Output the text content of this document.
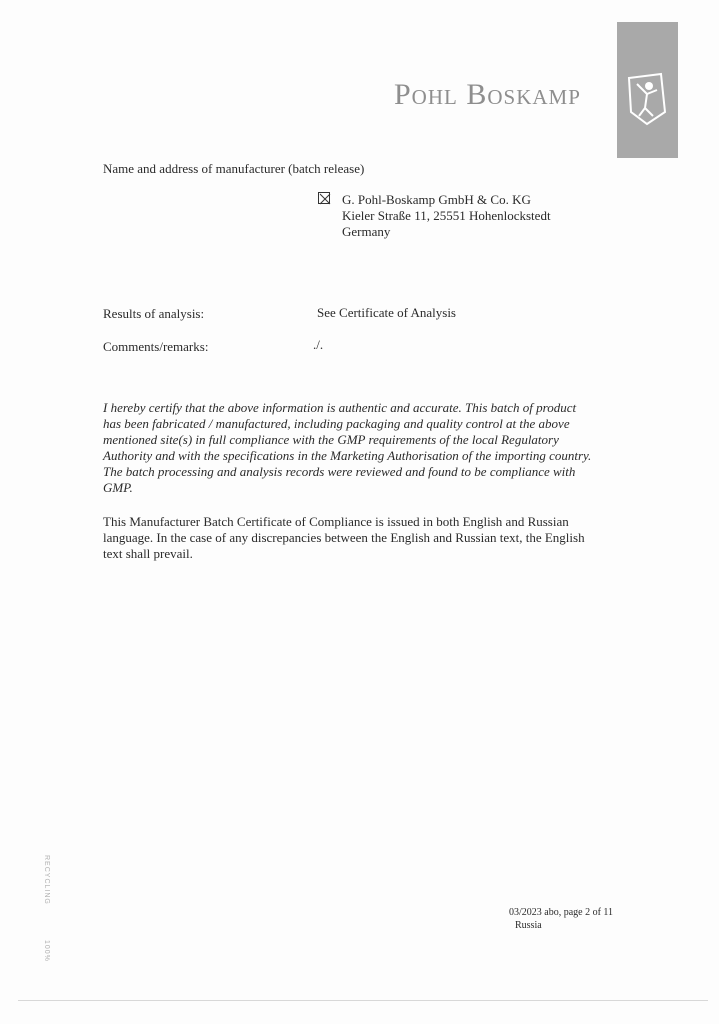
Pohl Boskamp
Name and address of manufacturer (batch release)
G. Pohl-Boskamp GmbH & Co. KG
Kieler Straße 11, 25551 Hohenlockstedt
Germany
Results of analysis:	See Certificate of Analysis
Comments/remarks:	./.
I hereby certify that the above information is authentic and accurate. This batch of product
has been fabricated / manufactured, including packaging and quality control at the above
mentioned site(s) in full compliance with the GMP requirements of the local Regulatory
Authority and with the specifications in the Marketing Authorisation of the importing country.
The batch processing and analysis records were reviewed and found to be compliance with
GMP.
This Manufacturer Batch Certificate of Compliance is issued in both English and Russian
language. In the case of any discrepancies between the English and Russian text, the English
text shall prevail.
RECYCLING
100%
03/2023 abo, page 2 of 11
Russia
